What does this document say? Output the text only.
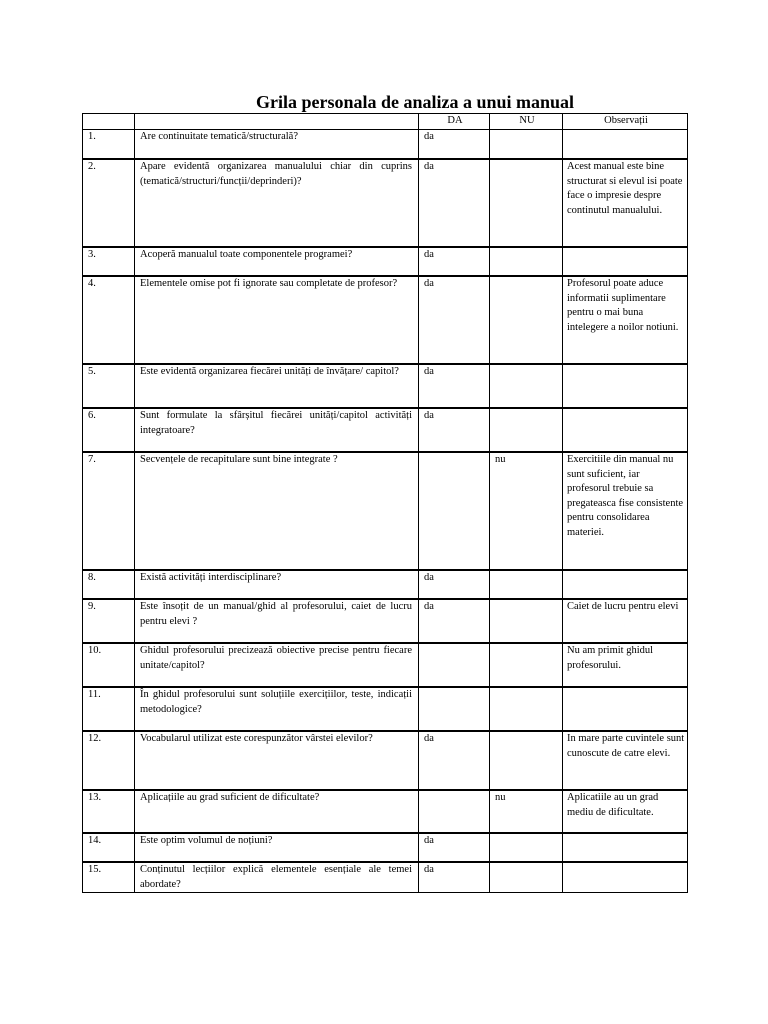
Grila personala de analiza a unui manual
		DA	NU	Observații
1.	Are continuitate tematică/structurală?	da		
2.	Apare evidentă organizarea manualului chiar din cuprins (tematică/structuri/funcții/deprinderi)?	da		Acest manual este bine structurat si elevul isi poate face o impresie despre continutul manualului.
3.	Acoperă manualul toate componentele programei?	da		
4.	Elementele omise pot fi ignorate sau completate de profesor?	da		Profesorul poate aduce informatii suplimentare pentru o mai buna intelegere a noilor notiuni.
5.	Este evidentă organizarea fiecărei unități de învățare/ capitol?	da		
6.	Sunt formulate la sfârșitul fiecărei unități/capitol activități integratoare?	da		
7.	Secvențele de recapitulare sunt bine integrate ?		nu	Exercitiile din manual nu sunt suficient, iar profesorul trebuie sa pregateasca fise consistente pentru consolidarea materiei.
8.	Există activități interdisciplinare?	da		
9.	Este însoțit de un manual/ghid al profesorului, caiet de lucru pentru elevi ?	da		Caiet de lucru pentru elevi
10.	Ghidul profesorului precizează obiective precise pentru fiecare unitate/capitol?			Nu am primit ghidul profesorului.
11.	În ghidul profesorului sunt soluțiile exercițiilor, teste, indicații metodologice?			
12.	Vocabularul utilizat este corespunzător vârstei elevilor?	da		In mare parte cuvintele sunt cunoscute de catre elevi.
13.	Aplicațiile au grad suficient de dificultate?		nu	Aplicatiile au un grad mediu de dificultate.
14.	Este optim volumul de noțiuni?	da		
15.	Conținutul lecțiilor explică elementele esențiale ale temei abordate?	da		
